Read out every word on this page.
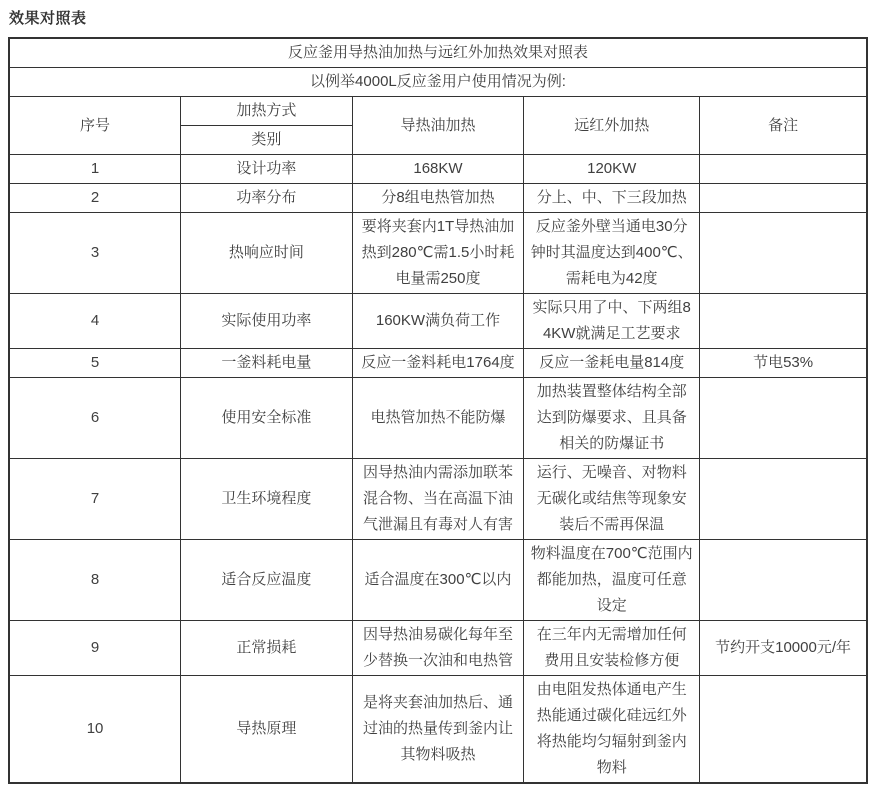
效果对照表
反应釜用导热油加热与远红外加热效果对照表				
以例举4000L反应釜用户使用情况为例:				
序号	加热方式	导热油加热	远红外加热	备注
	类别			
1	设计功率	168KW	120KW	
2	功率分布	分8组电热管加热	分上、中、下三段加热	
3	热响应时间	要将夹套内1T导热油加热到280℃需1.5小时耗电量需250度	反应釜外壁当通电30分钟时其温度达到400℃、需耗电为42度	
4	实际使用功率	160KW满负荷工作	实际只用了中、下两组84KW就满足工艺要求	
5	一釜料耗电量	反应一釜料耗电1764度	反应一釜耗电量814度	节电53%
6	使用安全标准	电热管加热不能防爆	加热装置整体结构全部达到防爆要求、且具备相关的防爆证书	
7	卫生环境程度	因导热油内需添加联苯混合物、当在高温下油气泄漏且有毒对人有害	运行、无噪音、对物料无碳化或结焦等现象安装后不需再保温	
8	适合反应温度	适合温度在300℃以内	物料温度在700℃范围内都能加热，温度可任意设定	
9	正常损耗	因导热油易碳化每年至少替换一次油和电热管	在三年内无需增加任何费用且安装检修方便	节约开支10000元/年
10	导热原理	是将夹套油加热后、通过油的热量传到釜内让其物料吸热	由电阻发热体通电产生热能通过碳化硅远红外将热能均匀辐射到釜内物料	
